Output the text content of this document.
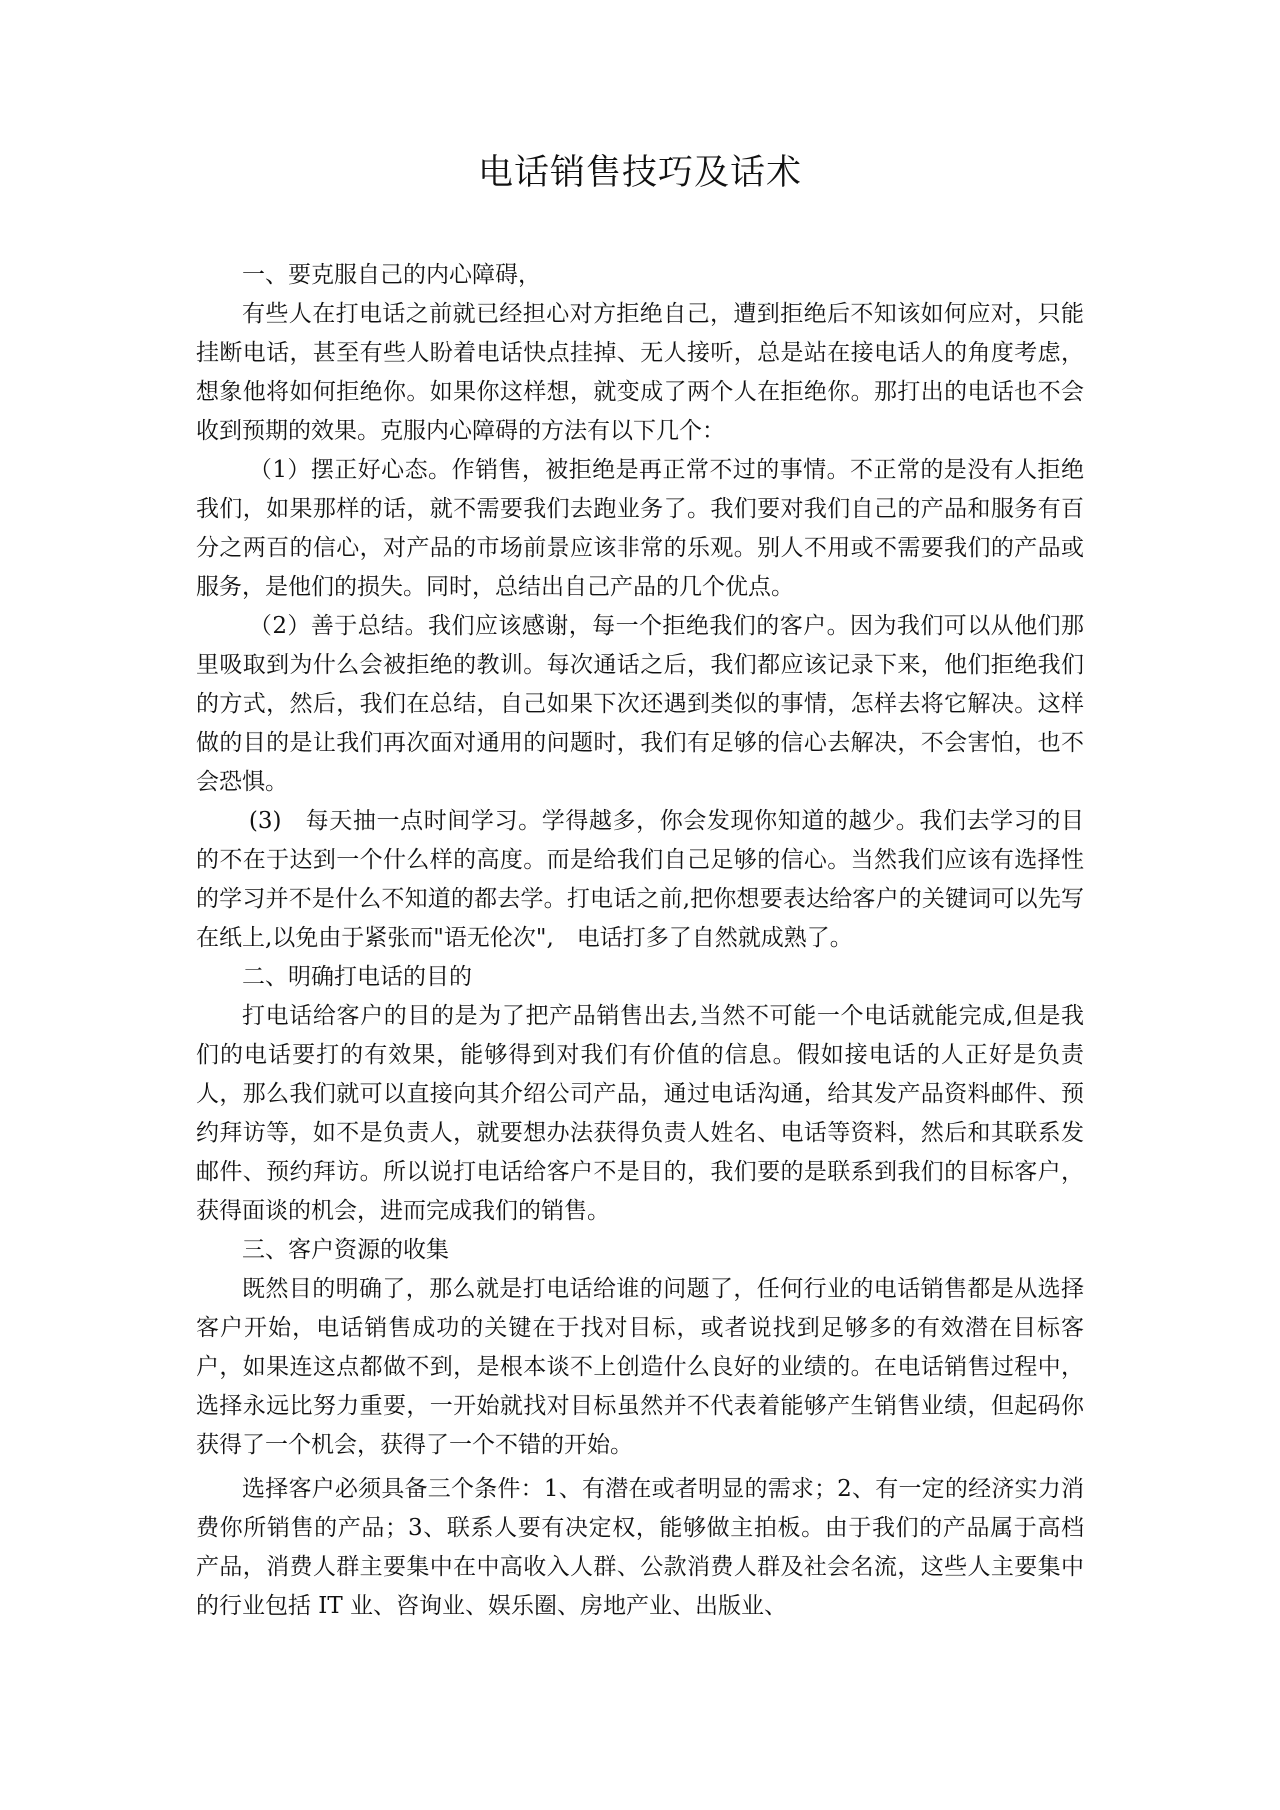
电话销售技巧及话术

一、要克服自己的内心障碍，

有些人在打电话之前就已经担心对方拒绝自己，遭到拒绝后不知该如何应对，只能挂断电话，甚至有些人盼着电话快点挂掉、无人接听，总是站在接电话人的角度考虑，想象他将如何拒绝你。如果你这样想，就变成了两个人在拒绝你。那打出的电话也不会收到预期的效果。克服内心障碍的方法有以下几个：

（1）摆正好心态。作销售，被拒绝是再正常不过的事情。不正常的是没有人拒绝我们，如果那样的话，就不需要我们去跑业务了。我们要对我们自己的产品和服务有百分之两百的信心，对产品的市场前景应该非常的乐观。别人不用或不需要我们的产品或服务，是他们的损失。同时，总结出自己产品的几个优点。

（2）善于总结。我们应该感谢，每一个拒绝我们的客户。因为我们可以从他们那里吸取到为什么会被拒绝的教训。每次通话之后，我们都应该记录下来，他们拒绝我们的方式，然后，我们在总结，自己如果下次还遇到类似的事情，怎样去将它解决。这样做的目的是让我们再次面对通用的问题时，我们有足够的信心去解决，不会害怕，也不会恐惧。

(3)　每天抽一点时间学习。学得越多，你会发现你知道的越少。我们去学习的目的不在于达到一个什么样的高度。而是给我们自己足够的信心。当然我们应该有选择性的学习并不是什么不知道的都去学。打电话之前,把你想要表达给客户的关键词可以先写在纸上,以免由于紧张而"语无伦次",　电话打多了自然就成熟了。

二、明确打电话的目的

打电话给客户的目的是为了把产品销售出去,当然不可能一个电话就能完成,但是我们的电话要打的有效果，能够得到对我们有价值的信息。假如接电话的人正好是负责人，那么我们就可以直接向其介绍公司产品，通过电话沟通，给其发产品资料邮件、预约拜访等，如不是负责人，就要想办法获得负责人姓名、电话等资料，然后和其联系发邮件、预约拜访。所以说打电话给客户不是目的，我们要的是联系到我们的目标客户，获得面谈的机会，进而完成我们的销售。

三、客户资源的收集

既然目的明确了，那么就是打电话给谁的问题了，任何行业的电话销售都是从选择客户开始，电话销售成功的关键在于找对目标，或者说找到足够多的有效潜在目标客户，如果连这点都做不到，是根本谈不上创造什么良好的业绩的。在电话销售过程中，选择永远比努力重要，一开始就找对目标虽然并不代表着能够产生销售业绩，但起码你获得了一个机会，获得了一个不错的开始。

选择客户必须具备三个条件：1、有潜在或者明显的需求；2、有一定的经济实力消费你所销售的产品；3、联系人要有决定权，能够做主拍板。由于我们的产品属于高档产品，消费人群主要集中在中高收入人群、公款消费人群及社会名流，这些人主要集中的行业包括 IT 业、咨询业、娱乐圈、房地产业、出版业、
